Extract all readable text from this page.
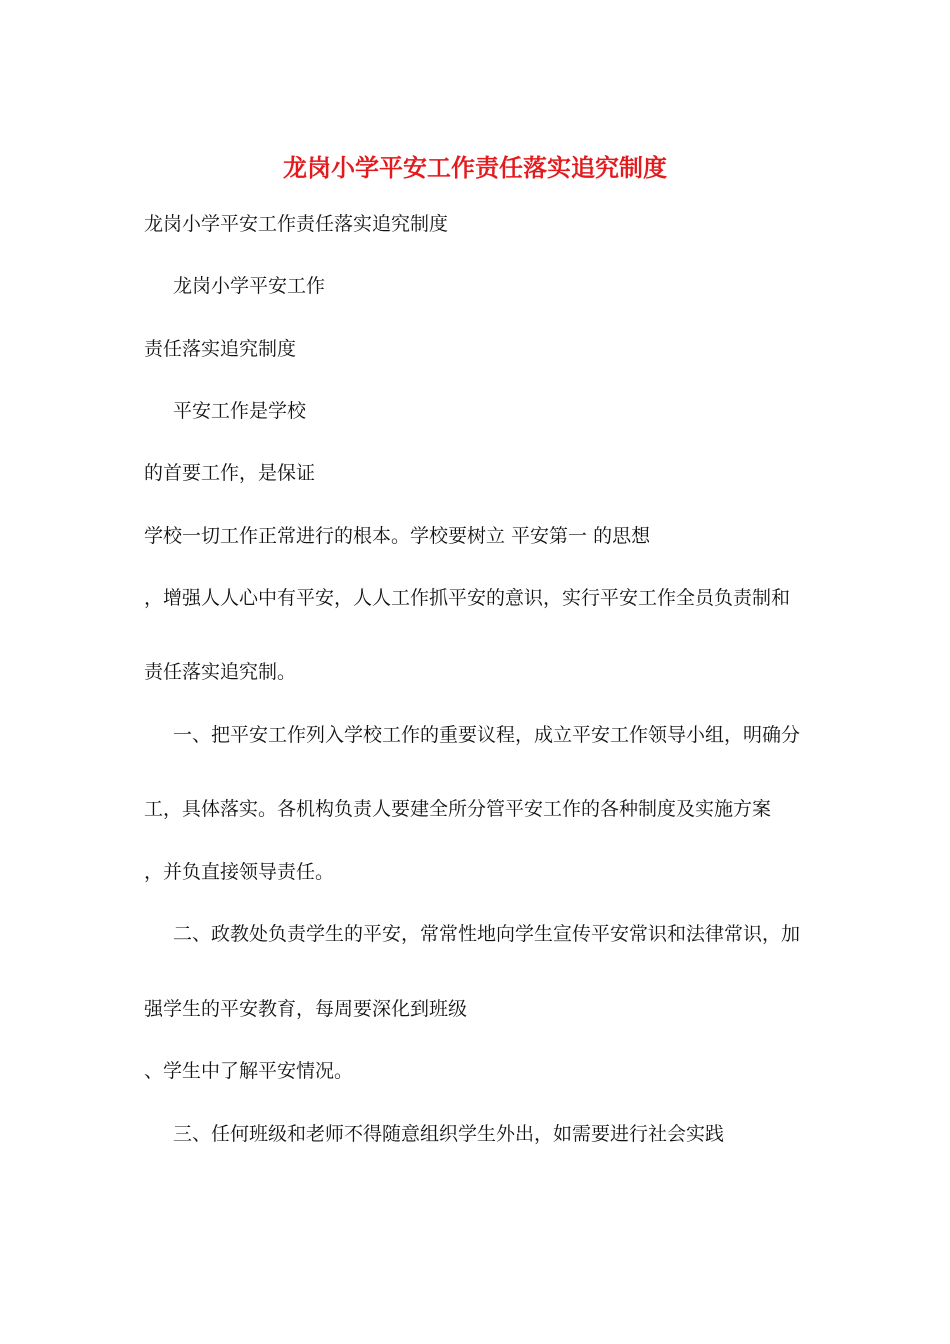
龙岗小学平安工作责任落实追究制度
龙岗小学平安工作责任落实追究制度
龙岗小学平安工作
责任落实追究制度
平安工作是学校
的首要工作，是保证
学校一切工作正常进行的根本。学校要树立 平安第一 的思想
，增强人人心中有平安，人人工作抓平安的意识，实行平安工作全员负责制和
责任落实追究制。
一、把平安工作列入学校工作的重要议程，成立平安工作领导小组，明确分
工，具体落实。各机构负责人要建全所分管平安工作的各种制度及实施方案
，并负直接领导责任。
二、政教处负责学生的平安，常常性地向学生宣传平安常识和法律常识，加
强学生的平安教育，每周要深化到班级
、学生中了解平安情况。
三、任何班级和老师不得随意组织学生外出，如需要进行社会实践
